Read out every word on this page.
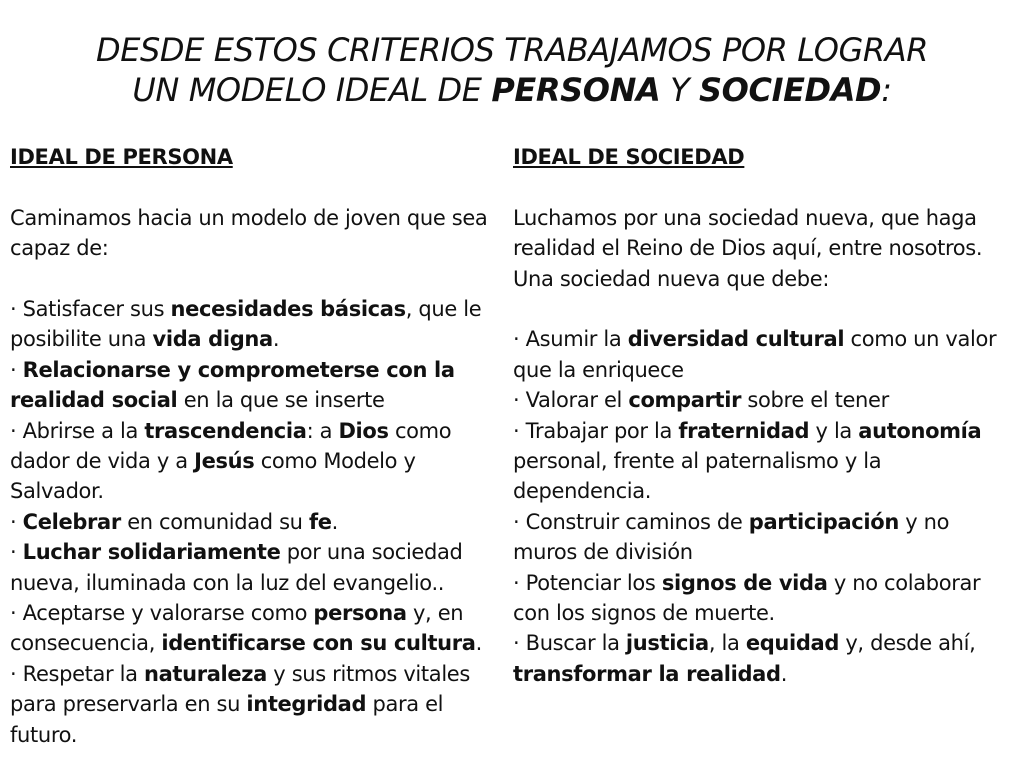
DESDE ESTOS CRITERIOS TRABAJAMOS POR LOGRAR
UN MODELO IDEAL DE PERSONA Y SOCIEDAD:
IDEAL DE PERSONA

Caminamos hacia un modelo de joven que sea capaz de:

· Satisfacer sus necesidades básicas, que le posibilite una vida digna.

· Relacionarse y comprometerse con la realidad social en la que se inserte

· Abrirse a la trascendencia: a Dios como dador de vida y a Jesús como Modelo y Salvador.

· Celebrar en comunidad su fe.

· Luchar solidariamente por una sociedad nueva, iluminada con la luz del evangelio..

· Aceptarse y valorarse como persona y, en consecuencia, identificarse con su cultura.

· Respetar la naturaleza y sus ritmos vitales para preservarla en su integridad para el futuro.

IDEAL DE SOCIEDAD

Luchamos por una sociedad nueva, que haga realidad el Reino de Dios aquí, entre nosotros. Una sociedad nueva que debe:

· Asumir la diversidad cultural como un valor que la enriquece

· Valorar el compartir sobre el tener

· Trabajar por la fraternidad y la autonomía personal, frente al paternalismo y la dependencia.

· Construir caminos de participación y no muros de división

· Potenciar los signos de vida y no colaborar con los signos de muerte.

· Buscar la justicia, la equidad y, desde ahí, transformar la realidad.
